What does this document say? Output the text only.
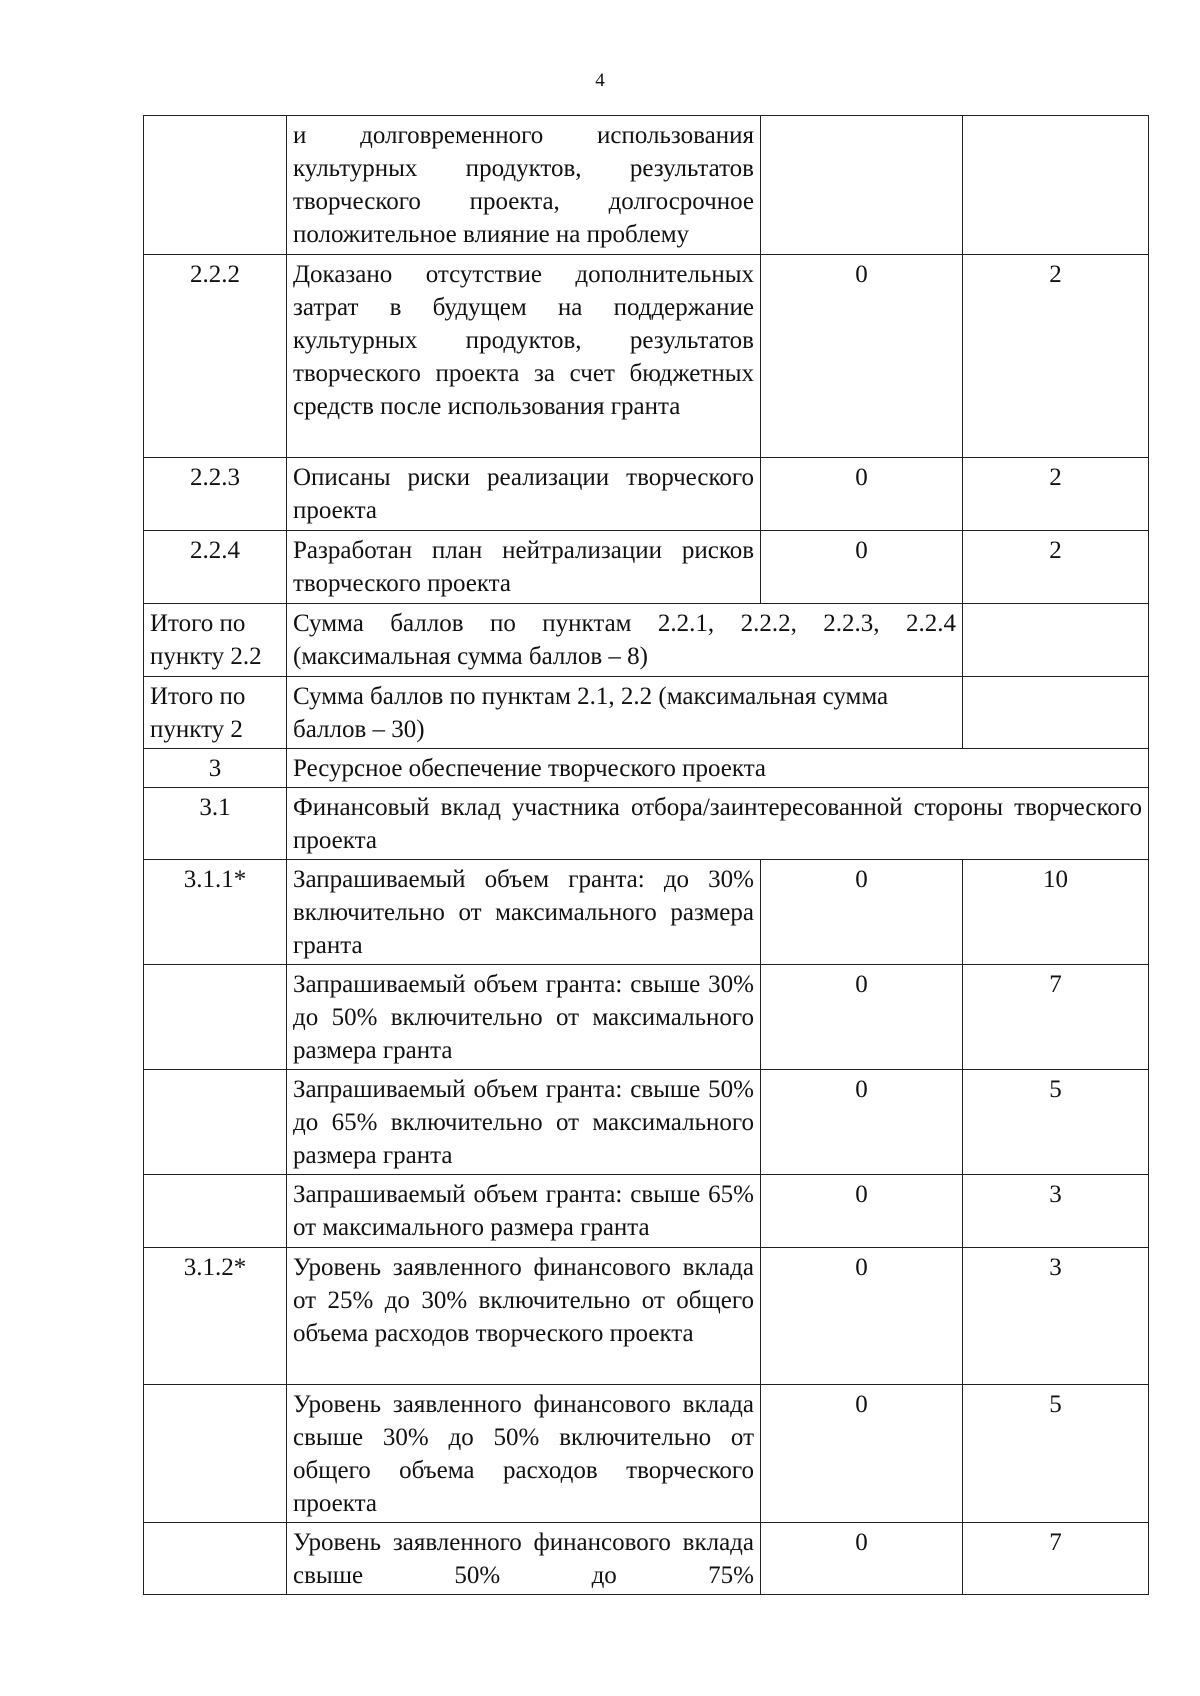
4
	и долговременного использования культурных продуктов, результатов творческого проекта, долгосрочное положительное влияние на проблему		
2.2.2	Доказано отсутствие дополнительных затрат в будущем на поддержание культурных продуктов, результатов творческого проекта за счет бюджетных средств после использования гранта	0	2
2.2.3	Описаны риски реализации творческого проекта	0	2
2.2.4	Разработан план нейтрализации рисков творческого проекта	0	2
Итого по пункту 2.2	Сумма баллов по пунктам 2.2.1, 2.2.2, 2.2.3, 2.2.4 (максимальная сумма баллов – 8)		
Итого по пункту 2	Сумма баллов по пунктам 2.1, 2.2 (максимальная сумма баллов – 30)		
3	Ресурсное обеспечение творческого проекта		
3.1	Финансовый вклад участника отбора/заинтересованной стороны творческого проекта		
3.1.1*	Запрашиваемый объем гранта: до 30% включительно от максимального размера гранта	0	10
	Запрашиваемый объем гранта: свыше 30% до 50% включительно от максимального размера гранта	0	7
	Запрашиваемый объем гранта: свыше 50% до 65% включительно от максимального размера гранта	0	5
	Запрашиваемый объем гранта: свыше 65% от максимального размера гранта	0	3
3.1.2*	Уровень заявленного финансового вклада от 25% до 30% включительно от общего объема расходов творческого проекта	0	3
	Уровень заявленного финансового вклада свыше 30% до 50% включительно от общего объема расходов творческого проекта	0	5
	Уровень заявленного финансового вклада свыше 50% до 75%	0	7
